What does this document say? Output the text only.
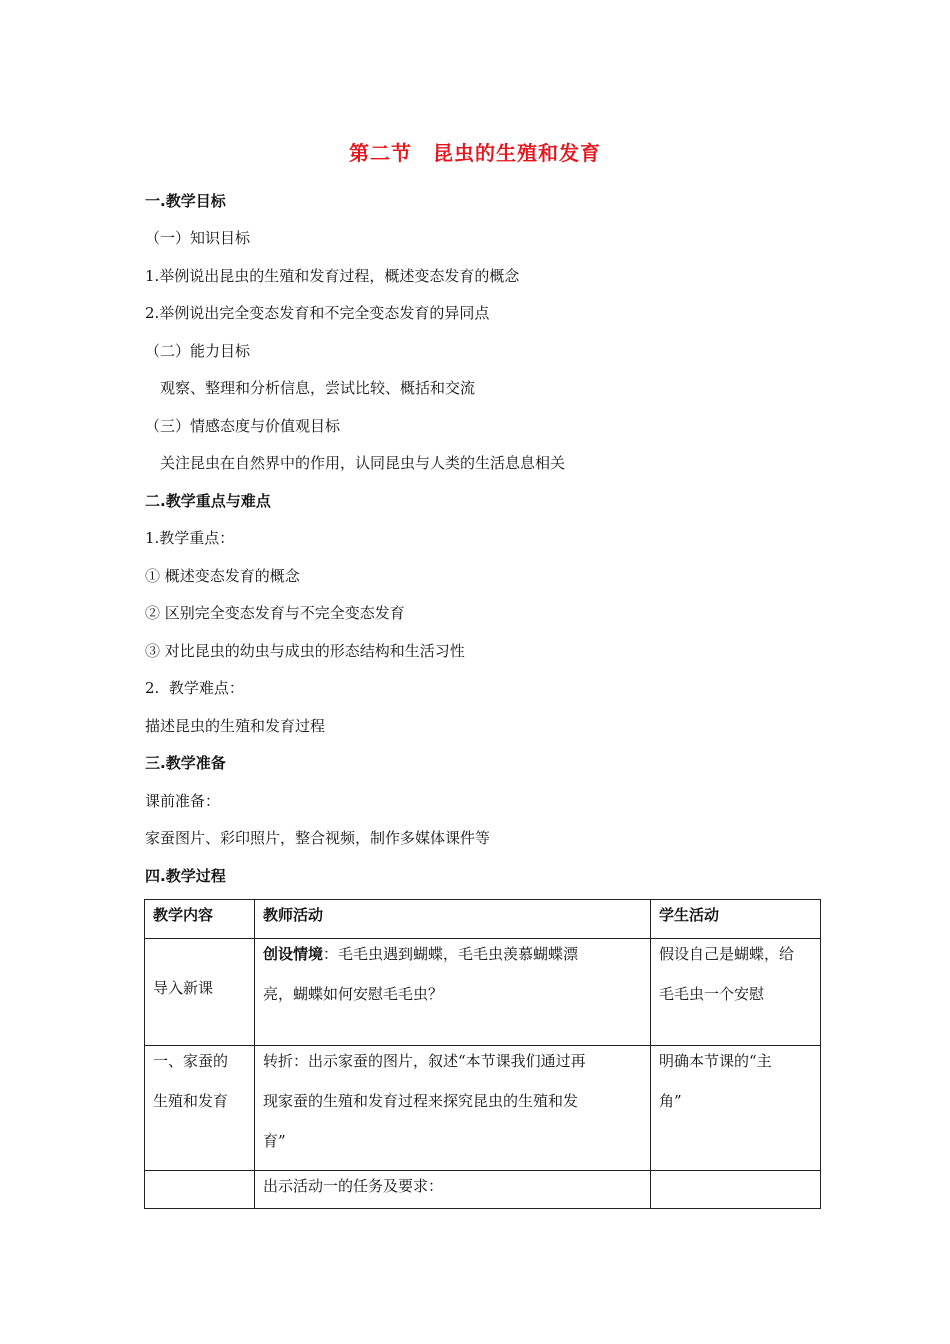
第二节　昆虫的生殖和发育
一.教学目标
（一）知识目标
1.举例说出昆虫的生殖和发育过程，概述变态发育的概念
2.举例说出完全变态发育和不完全变态发育的异同点
（二）能力目标
观察、整理和分析信息，尝试比较、概括和交流
（三）情感态度与价值观目标
关注昆虫在自然界中的作用，认同昆虫与人类的生活息息相关
二.教学重点与难点
1.教学重点：
① 概述变态发育的概念
② 区别完全变态发育与不完全变态发育
③ 对比昆虫的幼虫与成虫的形态结构和生活习性
2.  教学难点：
描述昆虫的生殖和发育过程
三.教学准备
课前准备：
家蚕图片、彩印照片，整合视频，制作多媒体课件等
四.教学过程
教学内容	教师活动	学生活动

导入新课	创设情境：毛毛虫遇到蝴蝶，毛毛虫羡慕蝴蝶漂
亮，蝴蝶如何安慰毛毛虫？	假设自己是蝴蝶，给
毛毛虫一个安慰

一、家蚕的
生殖和发育	转折：出示家蚕的图片，叙述“本节课我们通过再
现家蚕的生殖和发育过程来探究昆虫的生殖和发
育”	明确本节课的“主
角”

	出示活动一的任务及要求：	
